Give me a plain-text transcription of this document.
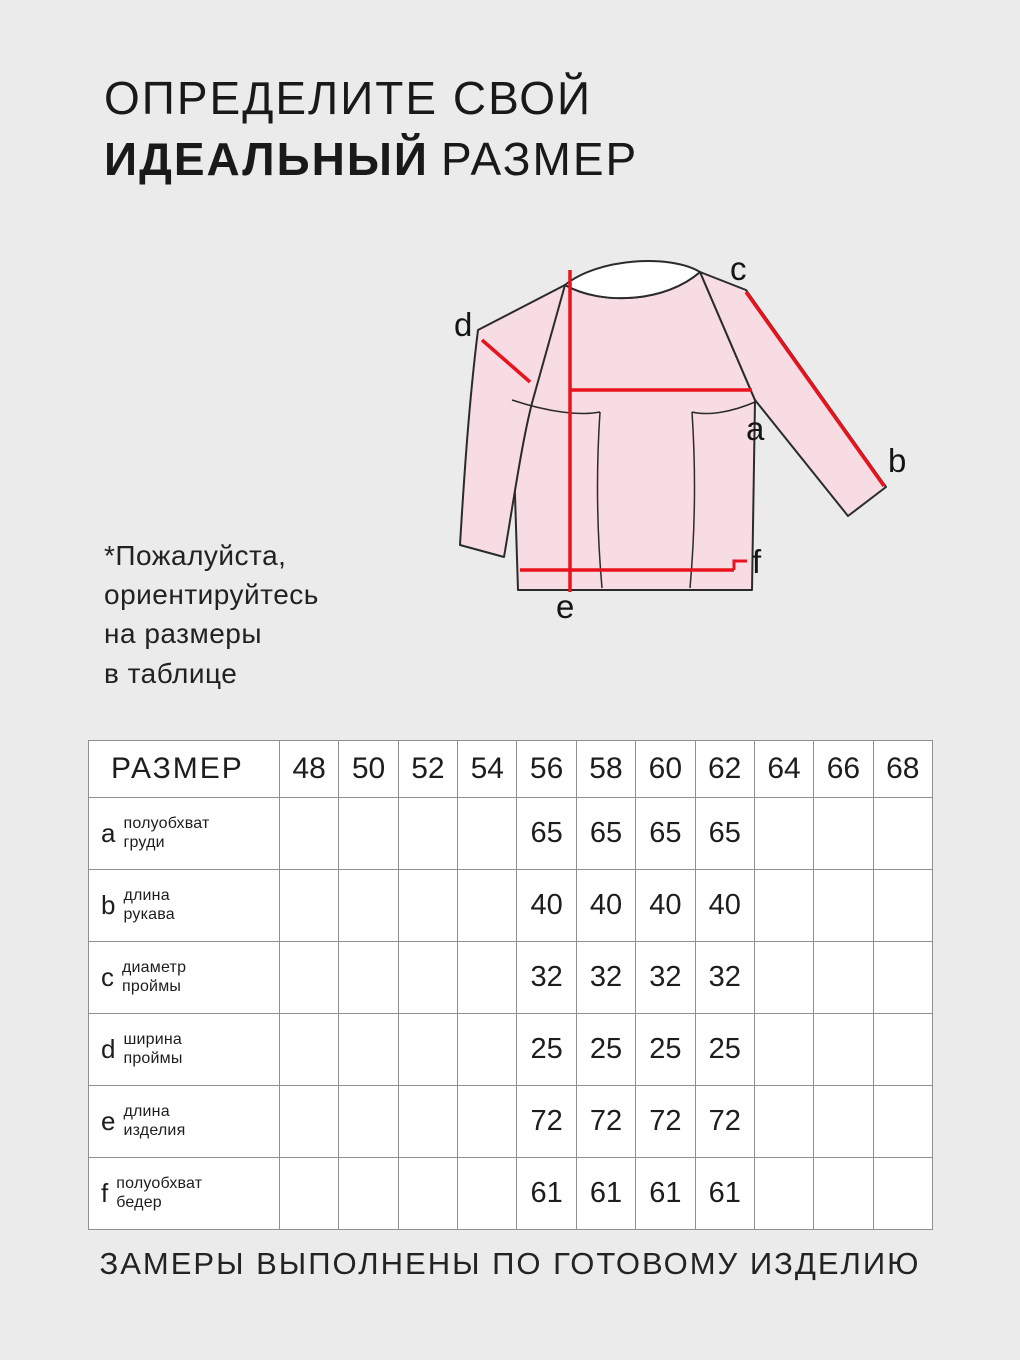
ОПРЕДЕЛИТЕ СВОЙ
ИДЕАЛЬНЫЙ РАЗМЕР
a
b
c
d
e
f
*Пожалуйста,
ориентируйтесь
на размеры
в таблице
РАЗМЕР	48	50	52	54	56	58	60	62	64	66	68

a полуобхват
груди					65	65	65	65			

b длина
рукава					40	40	40	40			

c диаметр
проймы					32	32	32	32			

d ширина
проймы					25	25	25	25			

e длина
изделия					72	72	72	72			

f полуобхват
бедер					61	61	61	61			
ЗАМЕРЫ ВЫПОЛНЕНЫ ПО ГОТОВОМУ ИЗДЕЛИЮ
